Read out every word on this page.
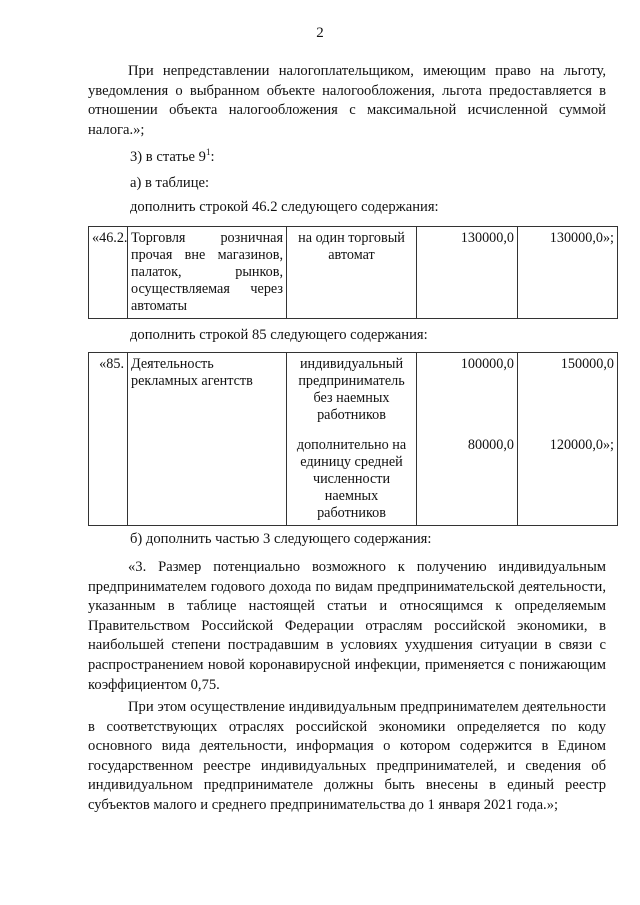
2

При непредставлении налогоплательщиком, имеющим право на льготу, уведомления о выбранном объекте налогообложения, льгота предоставляется в отношении объекта налогообложения с максимальной исчисленной суммой налога.»;

3) в статье $9^1$:

а) в таблице:

дополнить строкой 46.2 следующего содержания:

«46.2.	Торговля розничная прочая вне магазинов, палаток, рынков, осуществляемая через автоматы	на один торговый автомат	130000,0	130000,0»;

дополнить строкой 85 следующего содержания:

«85.	Деятельность рекламных агентств	индивидуальный предприниматель без наемных работников	100000,0	150000,0
		дополнительно на единицу средней численности наемных работников	80000,0	120000,0»;

б) дополнить частью 3 следующего содержания:

«3. Размер потенциально возможного к получению индивидуальным предпринимателем годового дохода по видам предпринимательской деятельности, указанным в таблице настоящей статьи и относящимся к определяемым Правительством Российской Федерации отраслям российской экономики, в наибольшей степени пострадавшим в условиях ухудшения ситуации в связи с распространением новой коронавирусной инфекции, применяется с понижающим коэффициентом 0,75.

При этом осуществление индивидуальным предпринимателем деятельности в соответствующих отраслях российской экономики определяется по коду основного вида деятельности, информация о котором содержится в Едином государственном реестре индивидуальных предпринимателей, и сведения об индивидуальном предпринимателе должны быть внесены в единый реестр субъектов малого и среднего предпринимательства до 1 января 2021 года.»;
